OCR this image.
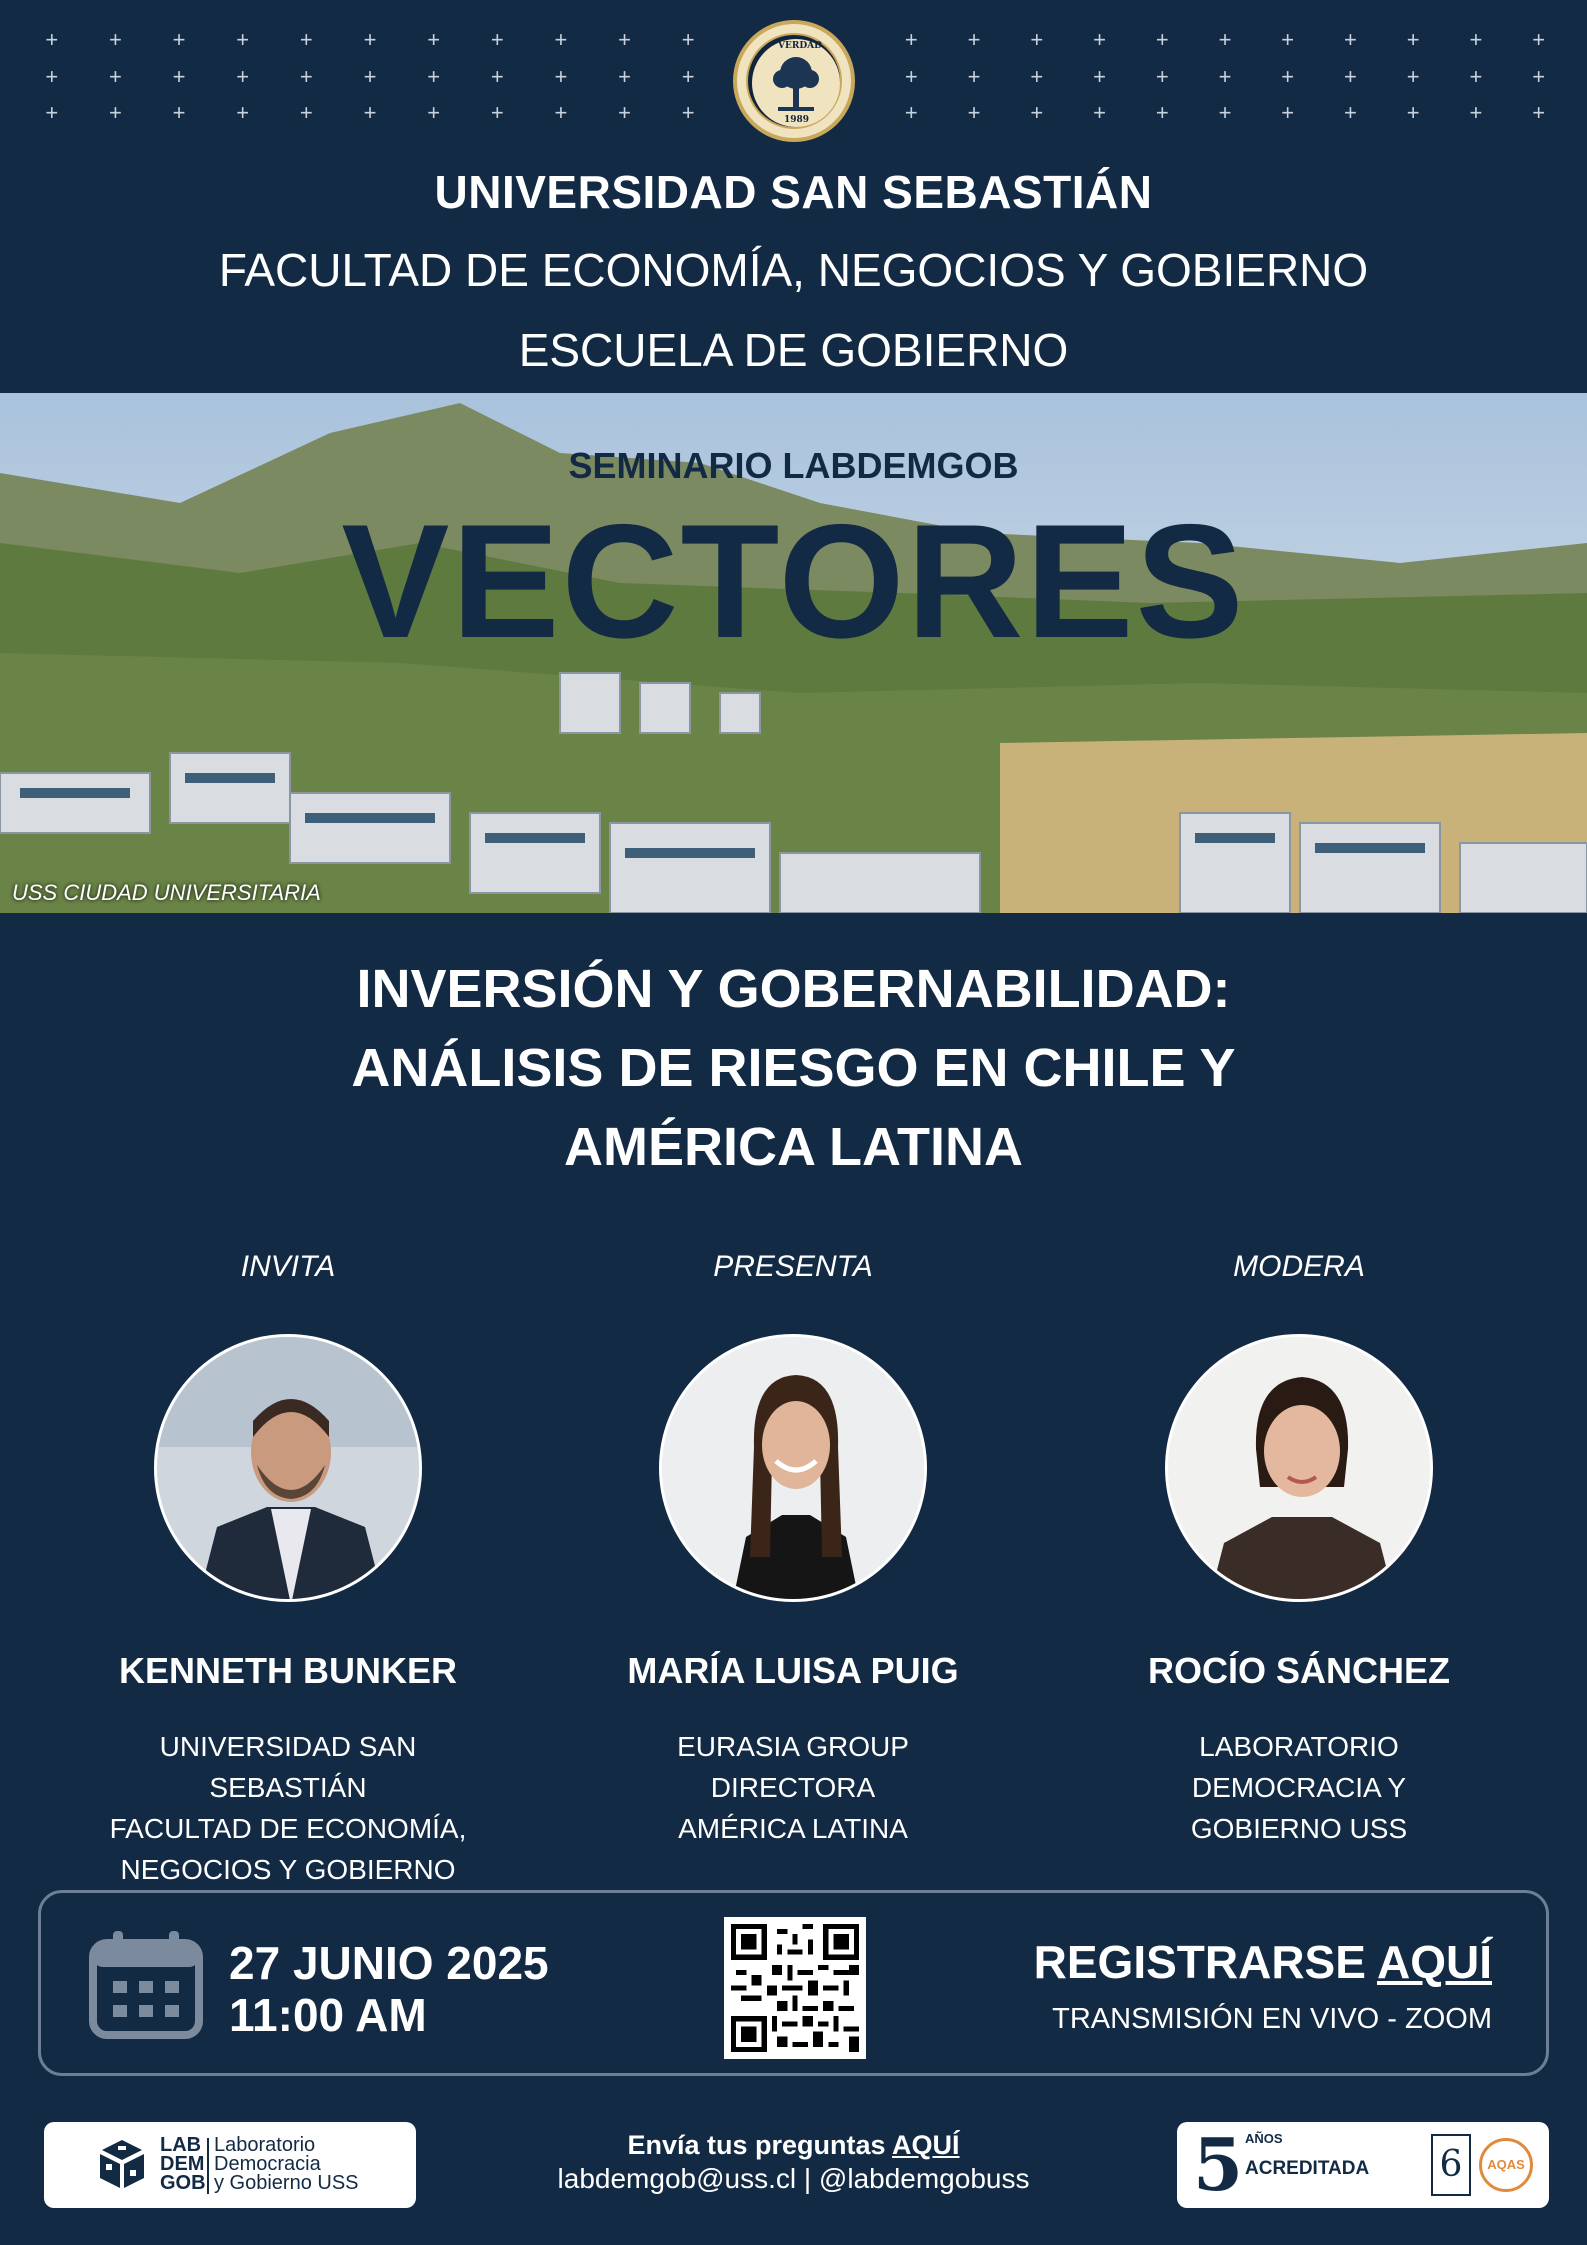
+	+	+	+	+	+	+	+	+	+	+
+	+	+	+	+	+	+	+	+	+	+
+	+	+	+	+	+	+	+	+	+	+
+	+	+	+	+	+	+	+	+	+	+
+	+	+	+	+	+	+	+	+	+	+
+	+	+	+	+	+	+	+	+	+	+
VERDAD
1989
UNIVERSIDAD SAN SEBASTIÁN
FACULTAD DE ECONOMÍA, NEGOCIOS Y GOBIERNO
ESCUELA DE GOBIERNO
SEMINARIO LABDEMGOB
VECTORES
USS CIUDAD UNIVERSITARIA
INVERSIÓN Y GOBERNABILIDAD:
ANÁLISIS DE RIESGO EN CHILE Y
AMÉRICA LATINA
INVITA
KENNETH BUNKER
UNIVERSIDAD SAN SEBASTIÁN
FACULTAD DE ECONOMÍA,
NEGOCIOS Y GOBIERNO
PRESENTA
MARÍA LUISA PUIG
EURASIA GROUP
DIRECTORA
AMÉRICA LATINA
MODERA
ROCÍO SÁNCHEZ
LABORATORIO
DEMOCRACIA Y
GOBIERNO USS
27 JUNIO 2025
11:00 AM
REGISTRARSE AQUÍ
TRANSMISIÓN EN VIVO - ZOOM
LAB
DEM
GOB
Laboratorio
Democracia
y Gobierno USS
Envía tus preguntas AQUÍ
labdemgob@uss.cl | @labdemgobuss	5 AÑOS
ACREDITADA 6	AQAS
